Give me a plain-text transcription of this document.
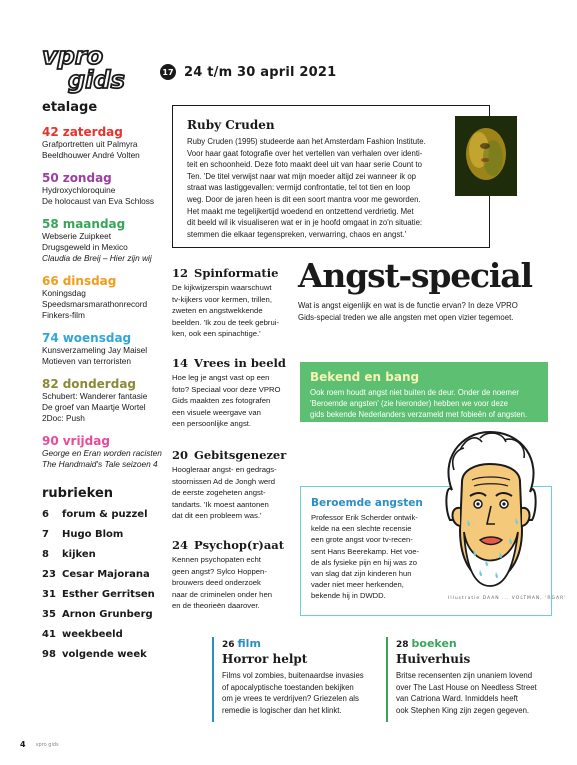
vpro
gids	17 24 t/m 30 april 2021
etalage
42 zaterdag
Grafportretten uit Palmyra
Beeldhouwer André Volten
50 zondag
Hydroxychloroquine
De holocaust van Eva Schloss
58 maandag
Webserie Zuipkeet
Drugsgeweld in Mexico
Claudia de Breij – Hier zijn wij
66 dinsdag
Koningsdag
Speedsmarsmarathonrecord
Finkers-film
74 woensdag
Kunsverzameling Jay Maisel
Motieven van terroristen
82 donderdag
Schubert: Wanderer fantasie
De groef van Maartje Wortel
2Doc: Push
90 vrijdag
George en Eran worden racisten
The Handmaid's Tale seizoen 4
rubrieken
6 forum & puzzel
7 Hugo Blom
8 kijken
23 Cesar Majorana
31 Esther Gerritsen
35 Arnon Grunberg
41 weekbeeld
98 volgende week
Ruby Cruden
Ruby Cruden (1995) studeerde aan het Amsterdam Fashion Institute.
Voor haar gaat fotografie over het vertellen van verhalen over identi-
teit en schoonheid. Deze foto maakt deel uit van haar serie Count to
Ten. 'De titel verwijst naar wat mijn moeder altijd zei wanneer ik op
straat was lastiggevallen: vermijd confrontatie, tel tot tien en loop
weg. Door de jaren heen is dit een soort mantra voor me geworden.
Het maakt me tegelijkertijd woedend en ontzettend verdrietig. Met
dit beeld wil ik visualiseren wat er in je hoofd omgaat in zo'n situatie:
stemmen die elkaar tegenspreken, verwarring, chaos en angst.'
12 Spinformatie
De kijkwijzerspin waarschuwt
tv-kijkers voor kermen, trillen,
zweten en angstwekkende
beelden. 'Ik zou de teek gebrui-
ken, ook een spinachtige.'
14 Vrees in beeld
Hoe leg je angst vast op een
foto? Speciaal voor deze VPRO
Gids maakten zes fotografen
een visuele weergave van
een persoonlijke angst.
20 Gebitsgenezer
Hoogleraar angst- en gedrags-
stoornissen Ad de Jongh werd
de eerste zogeheten angst-
tandarts. 'Ik moest aantonen
dat dit een probleem was.'
24 Psychop(r)aat
Kennen psychopaten echt
geen angst? Sylco Hoppen-
brouwers deed onderzoek
naar de criminelen onder hen
en de theorieën daarover.
Angst-special
Wat is angst eigenlijk en wat is de functie ervan? In deze VPRO
Gids-special treden we alle angsten met open vizier tegemoet.
Bekend en bang
Ook roem houdt angst niet buiten de deur. Onder de noemer
'Beroemde angsten' (zie hieronder) hebben we voor deze
gids bekende Nederlanders verzameld met fobieën of angsten.
Beroemde angsten
Professor Erik Scherder ontwik-
kelde na een slechte recensie
een grote angst voor tv-recen-
sent Hans Beerekamp. Het voe-
de als fysieke pijn en hij was zo
van slag dat zijn kinderen hun
vader niet meer herkenden,
bekende hij in DWDD.	Illustratie DAAN ... VOLTMAN, 'RGAR'
26 film
Horror helpt
Films vol zombies, buitenaardse invasies
of apocalyptische toestanden bekijken
om je vrees te verdrijven? Griezelen als
remedie is logischer dan het klinkt.
28 boeken
Huiverhuis
Britse recensenten zijn unaniem lovend
over The Last House on Needless Street
van Catriona Ward. Inmiddels heeft
ook Stephen King zijn zegen gegeven.
4 vpro gids
